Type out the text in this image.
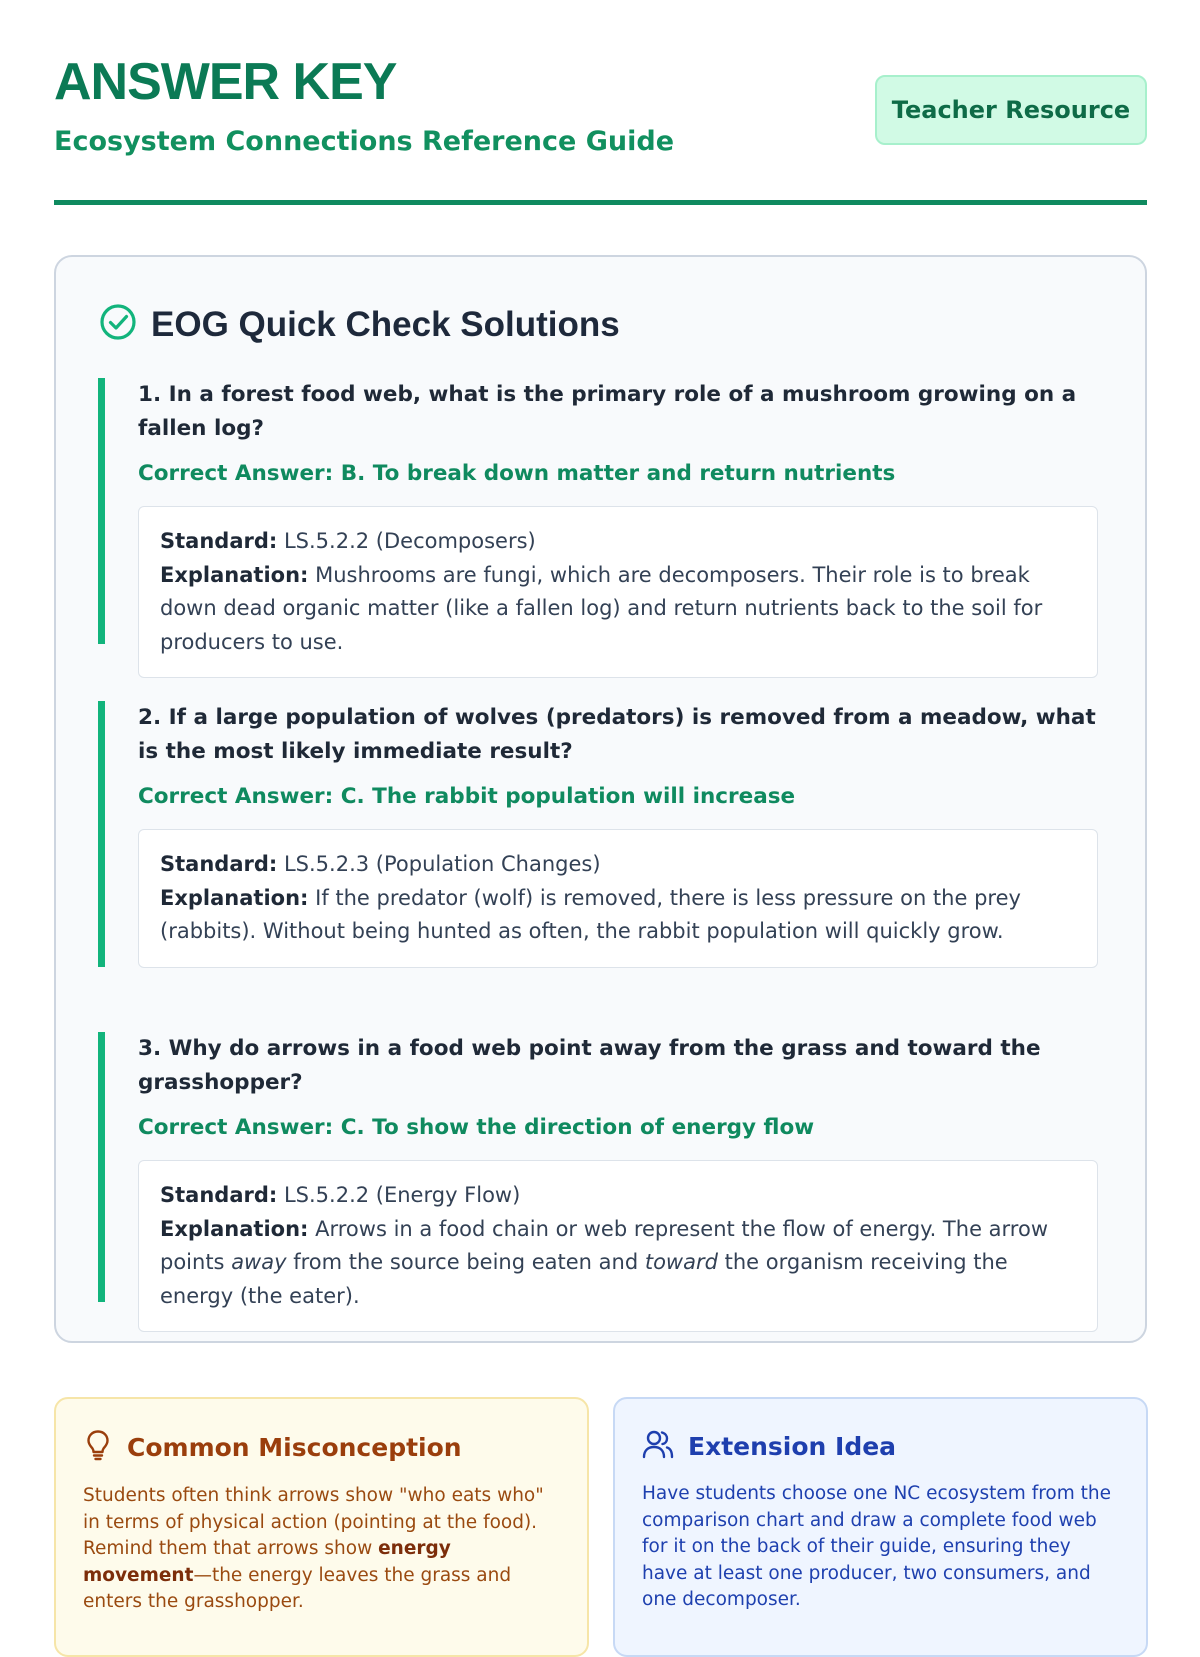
ANSWER KEY
Ecosystem Connections Reference Guide
Teacher Resource
EOG Quick Check Solutions

1. In a forest food web, what is the primary role of a mushroom growing on a fallen log?

Correct Answer: B. To break down matter and return nutrients
Standard: LS.5.2.2 (Decomposers)
Explanation: Mushrooms are fungi, which are decomposers. Their role is to break down dead organic matter (like a fallen log) and return nutrients back to the soil for producers to use.

2. If a large population of wolves (predators) is removed from a meadow, what is the most likely immediate result?

Correct Answer: C. The rabbit population will increase
Standard: LS.5.2.3 (Population Changes)
Explanation: If the predator (wolf) is removed, there is less pressure on the prey (rabbits). Without being hunted as often, the rabbit population will quickly grow.

3. Why do arrows in a food web point away from the grass and toward the grasshopper?

Correct Answer: C. To show the direction of energy flow
Standard: LS.5.2.2 (Energy Flow)
Explanation: Arrows in a food chain or web represent the flow of energy. The arrow points away from the source being eaten and toward the organism receiving the energy (the eater).
Common Misconception

Students often think arrows show "who eats who" in terms of physical action (pointing at the food). Remind them that arrows show energy movement—the energy leaves the grass and enters the grasshopper.

Extension Idea

Have students choose one NC ecosystem from the comparison chart and draw a complete food web for it on the back of their guide, ensuring they have at least one producer, two consumers, and one decomposer.
